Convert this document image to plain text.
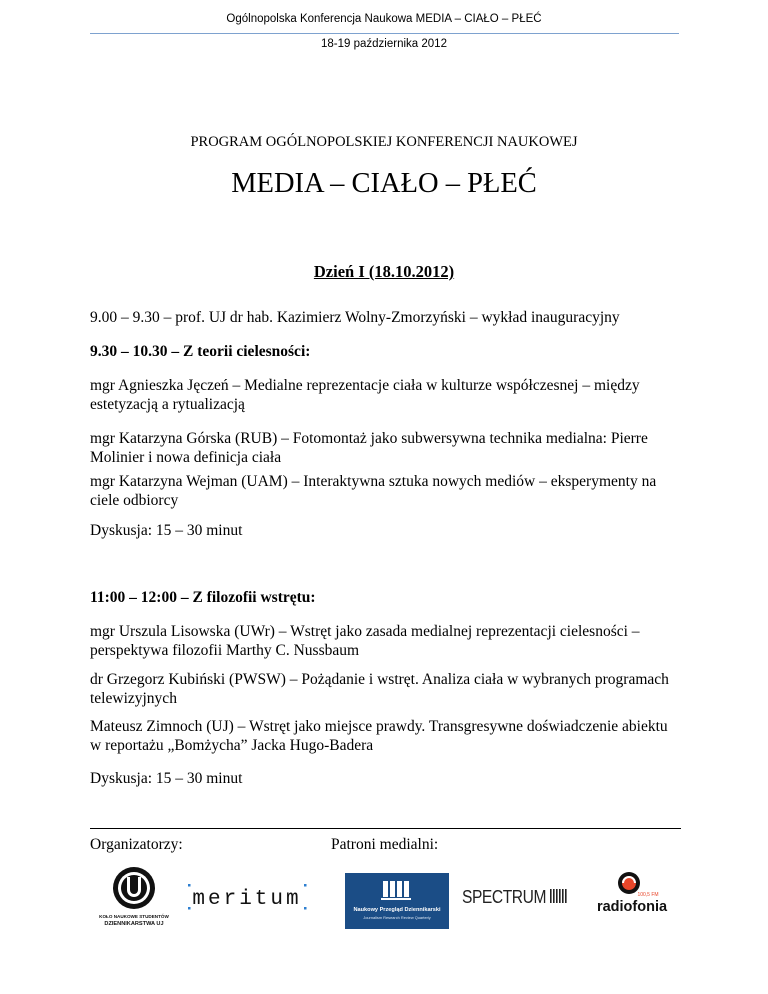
Ogólnopolska Konferencja Naukowa MEDIA – CIAŁO – PŁEĆ
18-19 października 2012
PROGRAM OGÓLNOPOLSKIEJ KONFERENCJI NAUKOWEJ
MEDIA – CIAŁO – PŁEĆ
Dzień I (18.10.2012)
9.00 – 9.30 – prof. UJ dr hab. Kazimierz Wolny-Zmorzyński – wykład inauguracyjny
9.30 – 10.30 – Z teorii cielesności:
mgr Agnieszka Jęczeń – Medialne reprezentacje ciała w kulturze współczesnej – między estetyzacją a rytualizacją
mgr Katarzyna Górska (RUB) – Fotomontaż jako subwersywna technika medialna: Pierre Molinier i nowa definicja ciała
mgr Katarzyna Wejman (UAM) – Interaktywna sztuka nowych mediów – eksperymenty na ciele odbiorcy
Dyskusja: 15 – 30 minut
11:00 – 12:00 – Z filozofii wstrętu:
mgr Urszula Lisowska (UWr) – Wstręt jako zasada medialnej reprezentacji cielesności – perspektywa filozofii Marthy C. Nussbaum
dr Grzegorz Kubiński (PWSW) – Pożądanie i wstręt. Analiza ciała w wybranych programach telewizyjnych
Mateusz Zimnoch (UJ) – Wstręt jako miejsce prawdy. Transgresywne doświadczenie abiektu w reportażu „Bomżycha” Jacka Hugo-Badera
Dyskusja: 15 – 30 minut
Organizatorzy:	Patroni medialni:
KOŁO NAUKOWE STUDENTÓW
DZIENNIKARSTWA UJ
meritum	Naukowy Przegląd Dziennikarski
Journalism Research Review Quarterly
SPECTRUM	100,5 FM
radiofonia
